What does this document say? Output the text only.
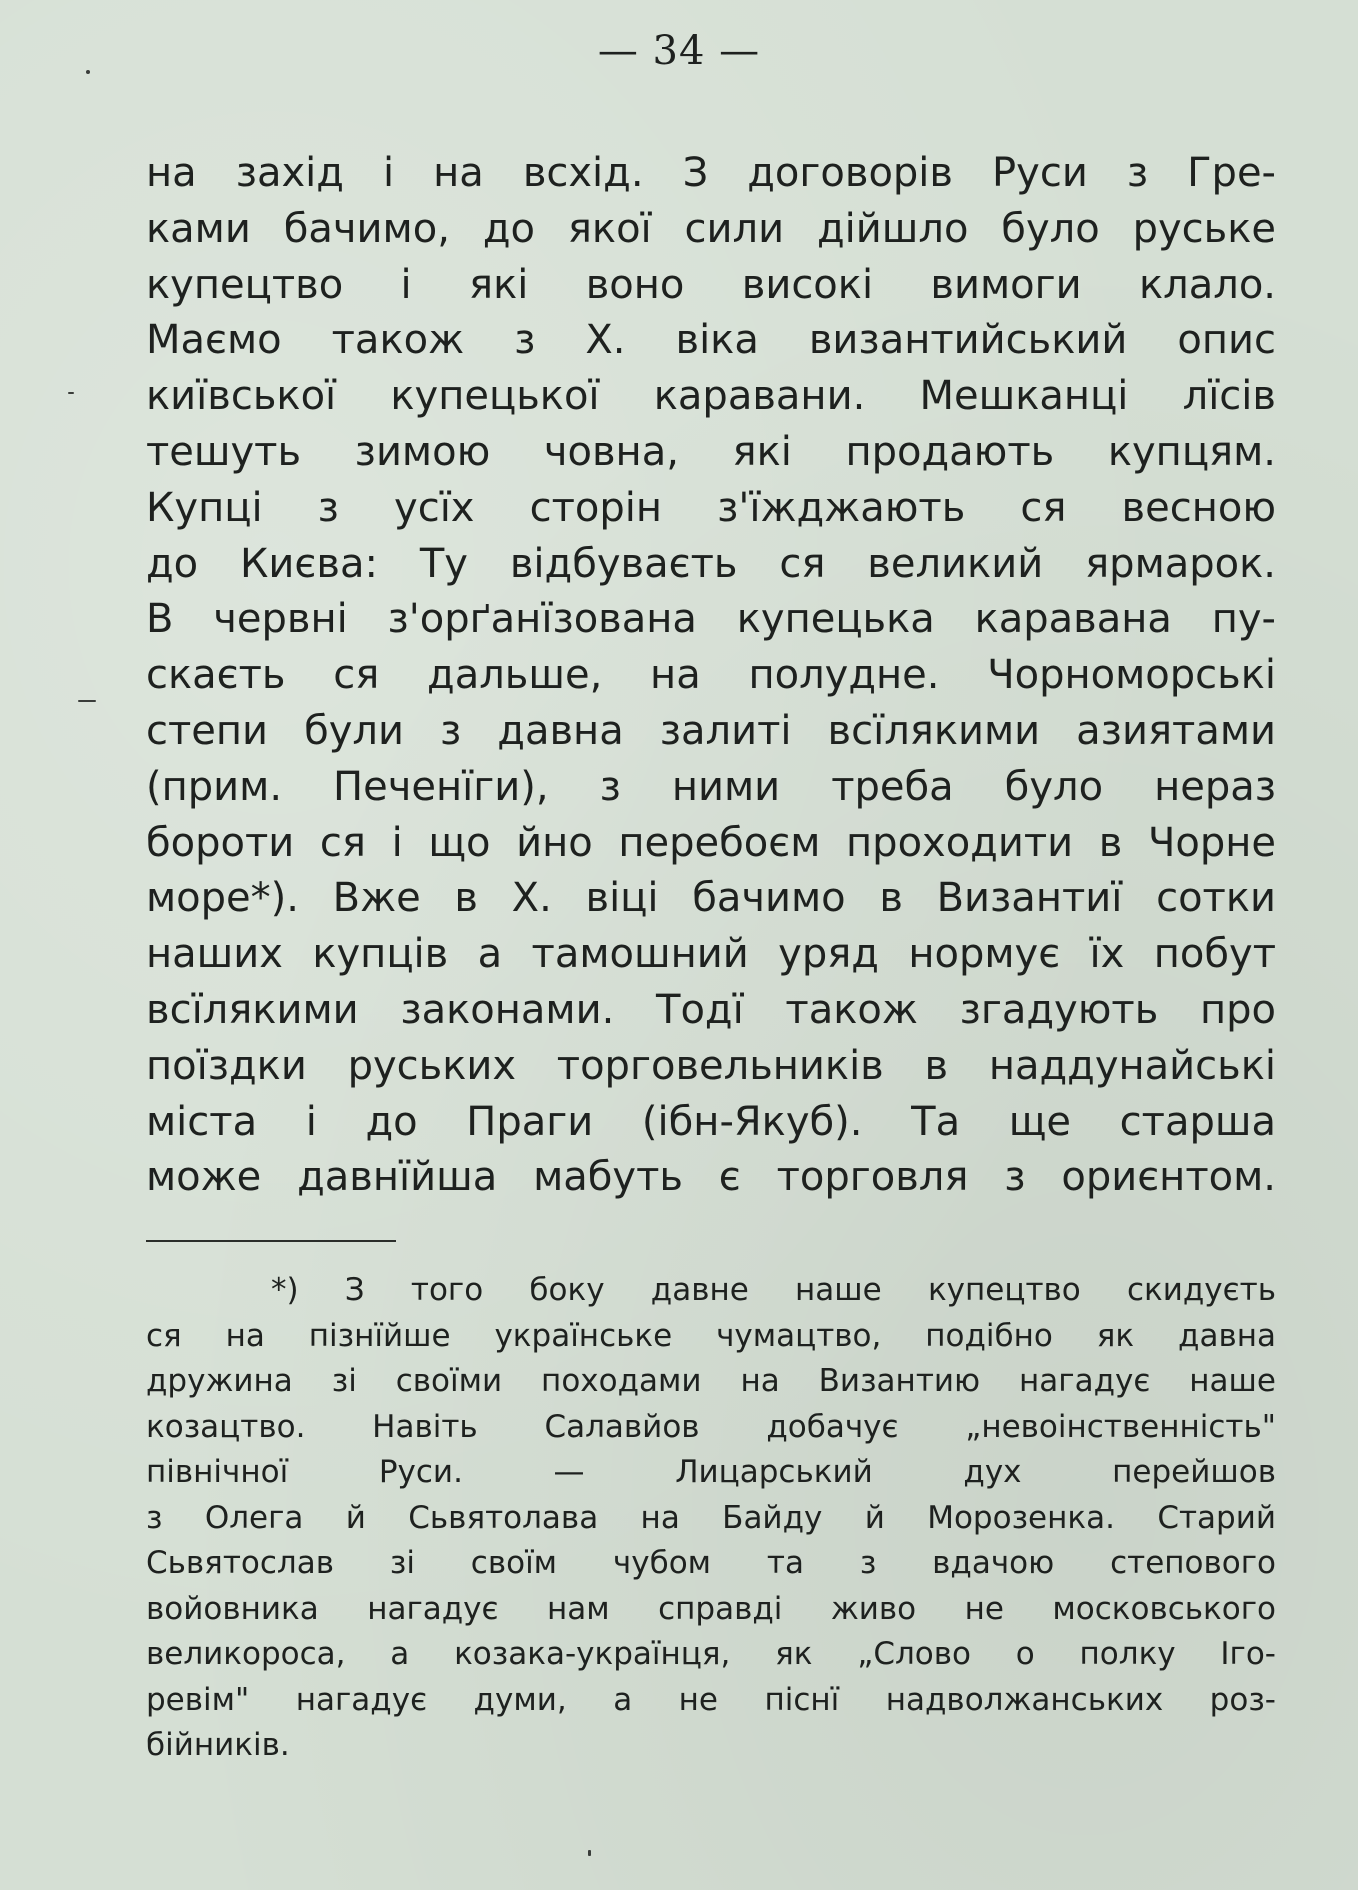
— 34 —
на захід і на всхід. З договорів Руси з Гре-
ками бачимо, до якої сили дійшло було руське
купецтво і які воно високі вимоги клало.
Маємо також з X. віка византийський опис
київської купецької каравани. Мешканці лїсів
тешуть зимою човна, які продають купцям.
Купці з усїх сторін з'їжджають ся весною
до Києва: Ту відбуваєть ся великий ярмарок.
В червні з'орґанїзована купецька каравана пу-
скаєть ся дальше, на полудне. Чорноморські
степи були з давна залиті всїлякими азиятами
(прим. Печенїги), з ними треба було нераз
бороти ся і що йно перебоєм проходити в Чорне
море*). Вже в X. віці бачимо в Византиї сотки
наших купців а тамошний уряд нормує їх побут
всїлякими законами. Тодї також згадують про
поїздки руських торговельників в наддунайські
міста і до Праги (ібн-Якуб). Та ще старша
може давнїйша мабуть є торговля з ориєнтом.
*) З того боку давне наше купецтво скидуєть
ся на пізнїйше українське чумацтво, подібно як давна
дружина зі своїми походами на Византию нагадує наше
козацтво. Навіть Салавйов добачує „невоінственність"
північної Руси. — Лицарський дух перейшов
з Олега й Сьвятолава на Байду й Морозенка. Старий
Сьвятослав зі своїм чубом та з вдачою степового
войовника нагадує нам справді живо не московського
великороса, а козака-українця, як „Слово о полку Іго-
ревім" нагадує думи, а не піснї надволжанських роз-
бійників.
